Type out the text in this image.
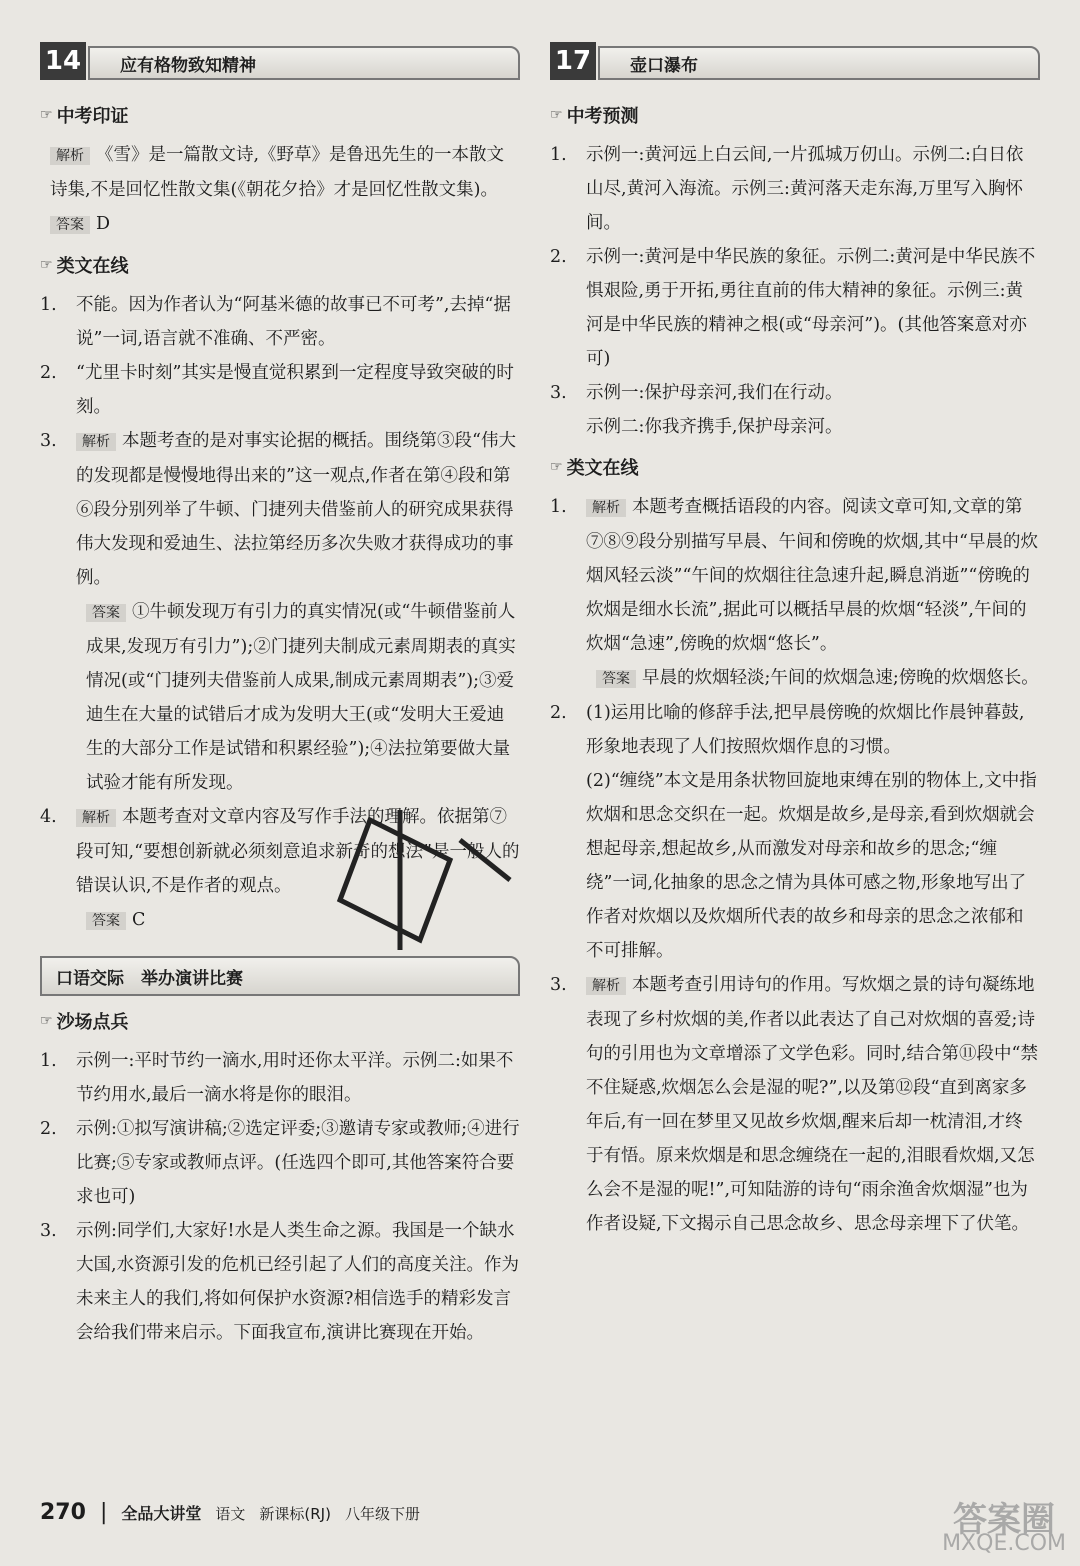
14	应有格物致知精神
☞ 中考印证

解析 《雪》是一篇散文诗,《野草》是鲁迅先生的一本散文诗集,不是回忆性散文集(《朝花夕拾》才是回忆性散文集)。

答案 D

☞ 类文在线
1.	不能。因为作者认为“阿基米德的故事已不可考”,去掉“据说”一词,语言就不准确、不严密。
2.	“尤里卡时刻”其实是慢直觉积累到一定程度导致突破的时刻。
3.	解析 本题考查的是对事实论据的概括。围绕第③段“伟大的发现都是慢慢地得出来的”这一观点,作者在第④段和第⑥段分别列举了牛顿、门捷列夫借鉴前人的研究成果获得伟大发现和爱迪生、法拉第经历多次失败才获得成功的事例。
答案 ①牛顿发现万有引力的真实情况(或“牛顿借鉴前人成果,发现万有引力”);②门捷列夫制成元素周期表的真实情况(或“门捷列夫借鉴前人成果,制成元素周期表”);③爱迪生在大量的试错后才成为发明大王(或“发明大王爱迪生的大部分工作是试错和积累经验”);④法拉第要做大量试验才能有所发现。
4.	解析 本题考查对文章内容及写作手法的理解。依据第⑦段可知,“要想创新就必须刻意追求新奇的想法”是一般人的错误认识,不是作者的观点。
答案 C
口语交际　举办演讲比赛
☞ 沙场点兵
1.	示例一:平时节约一滴水,用时还你太平洋。示例二:如果不节约用水,最后一滴水将是你的眼泪。
2.	示例:①拟写演讲稿;②选定评委;③邀请专家或教师;④进行比赛;⑤专家或教师点评。(任选四个即可,其他答案符合要求也可)
3.	示例:同学们,大家好!水是人类生命之源。我国是一个缺水大国,水资源引发的危机已经引起了人们的高度关注。作为未来主人的我们,将如何保护水资源?相信选手的精彩发言会给我们带来启示。下面我宣布,演讲比赛现在开始。
17	壶口瀑布
☞ 中考预测
1.	示例一:黄河远上白云间,一片孤城万仞山。示例二:白日依山尽,黄河入海流。示例三:黄河落天走东海,万里写入胸怀间。
2.	示例一:黄河是中华民族的象征。示例二:黄河是中华民族不惧艰险,勇于开拓,勇往直前的伟大精神的象征。示例三:黄河是中华民族的精神之根(或“母亲河”)。(其他答案意对亦可)
3.	示例一:保护母亲河,我们在行动。
示例二:你我齐携手,保护母亲河。
☞ 类文在线
1.	解析 本题考查概括语段的内容。阅读文章可知,文章的第⑦⑧⑨段分别描写早晨、午间和傍晚的炊烟,其中“早晨的炊烟风轻云淡”“午间的炊烟往往急速升起,瞬息消逝”“傍晚的炊烟是细水长流”,据此可以概括早晨的炊烟“轻淡”,午间的炊烟“急速”,傍晚的炊烟“悠长”。
答案 早晨的炊烟轻淡;午间的炊烟急速;傍晚的炊烟悠长。
2.	(1)运用比喻的修辞手法,把早晨傍晚的炊烟比作晨钟暮鼓,形象地表现了人们按照炊烟作息的习惯。
(2)“缠绕”本文是用条状物回旋地束缚在别的物体上,文中指炊烟和思念交织在一起。炊烟是故乡,是母亲,看到炊烟就会想起母亲,想起故乡,从而激发对母亲和故乡的思念;“缠绕”一词,化抽象的思念之情为具体可感之物,形象地写出了作者对炊烟以及炊烟所代表的故乡和母亲的思念之浓郁和不可排解。
3.	解析 本题考查引用诗句的作用。写炊烟之景的诗句凝练地表现了乡村炊烟的美,作者以此表达了自己对炊烟的喜爱;诗句的引用也为文章增添了文学色彩。同时,结合第⑪段中“禁不住疑惑,炊烟怎么会是湿的呢?”,以及第⑫段“直到离家多年后,有一回在梦里又见故乡炊烟,醒来后却一枕清泪,才终于有悟。原来炊烟是和思念缠绕在一起的,泪眼看炊烟,又怎么会不是湿的呢!”,可知陆游的诗句“雨余渔舍炊烟湿”也为作者设疑,下文揭示自己思念故乡、思念母亲埋下了伏笔。
270 | 全品大讲堂 语文 新课标(RJ) 八年级下册	答案圈
MXQE.COM
